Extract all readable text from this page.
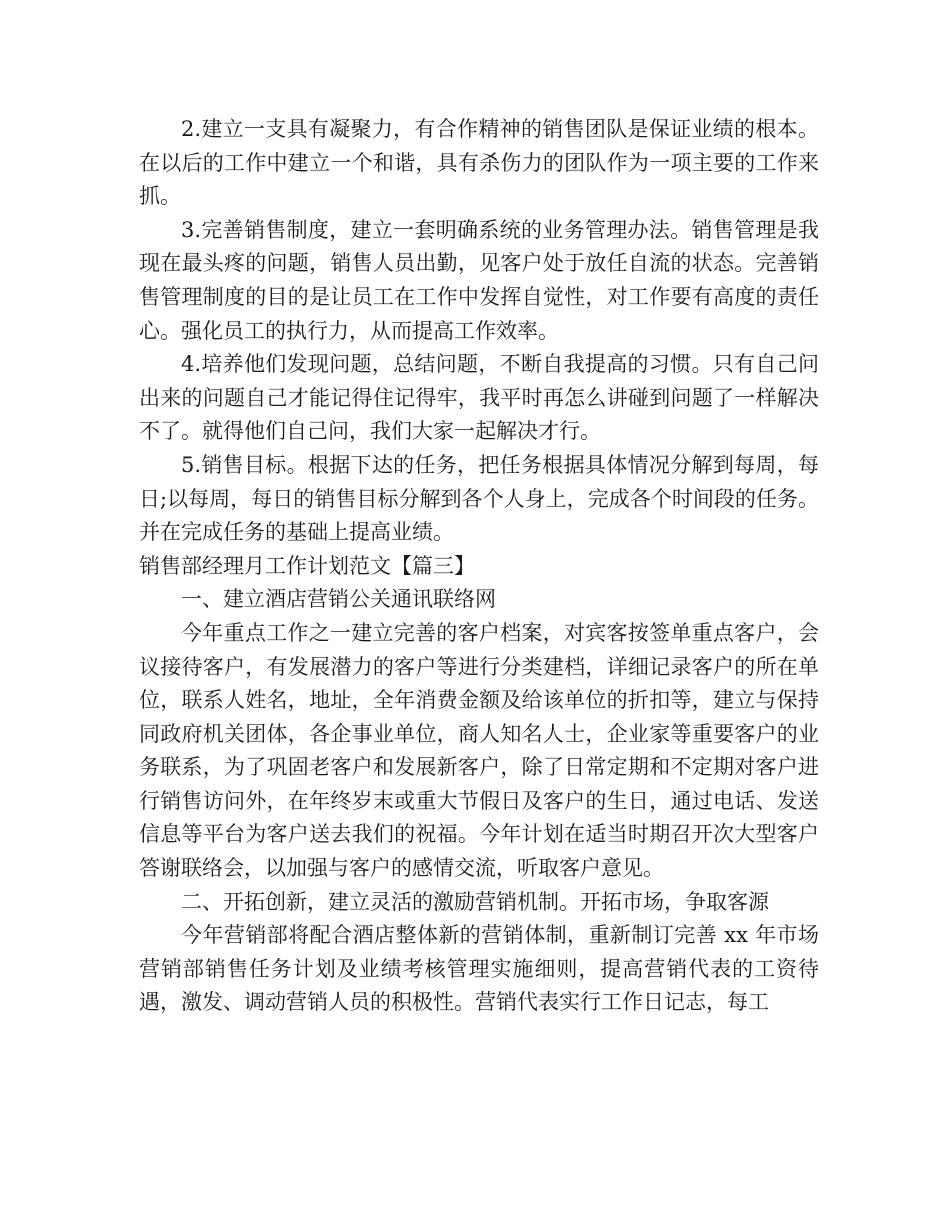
2.建立一支具有凝聚力，有合作精神的销售团队是保证业绩的根本。在以后的工作中建立一个和谐，具有杀伤力的团队作为一项主要的工作来抓。

3.完善销售制度，建立一套明确系统的业务管理办法。销售管理是我现在最头疼的问题，销售人员出勤，见客户处于放任自流的状态。完善销售管理制度的目的是让员工在工作中发挥自觉性，对工作要有高度的责任心。强化员工的执行力，从而提高工作效率。

4.培养他们发现问题，总结问题，不断自我提高的习惯。只有自己问出来的问题自己才能记得住记得牢，我平时再怎么讲碰到问题了一样解决不了。就得他们自己问，我们大家一起解决才行。

5.销售目标。根据下达的任务，把任务根据具体情况分解到每周，每日;以每周，每日的销售目标分解到各个人身上，完成各个时间段的任务。并在完成任务的基础上提高业绩。

销售部经理月工作计划范文【篇三】

一、建立酒店营销公关通讯联络网

今年重点工作之一建立完善的客户档案，对宾客按签单重点客户，会议接待客户，有发展潜力的客户等进行分类建档，详细记录客户的所在单位，联系人姓名，地址，全年消费金额及给该单位的折扣等，建立与保持同政府机关团体，各企事业单位，商人知名人士，企业家等重要客户的业务联系，为了巩固老客户和发展新客户，除了日常定期和不定期对客户进行销售访问外，在年终岁末或重大节假日及客户的生日，通过电话、发送信息等平台为客户送去我们的祝福。今年计划在适当时期召开次大型客户答谢联络会，以加强与客户的感情交流，听取客户意见。

二、开拓创新，建立灵活的激励营销机制。开拓市场，争取客源

今年营销部将配合酒店整体新的营销体制，重新制订完善 xx 年市场营销部销售任务计划及业绩考核管理实施细则，提高营销代表的工资待遇，激发、调动营销人员的积极性。营销代表实行工作日记志，每工
